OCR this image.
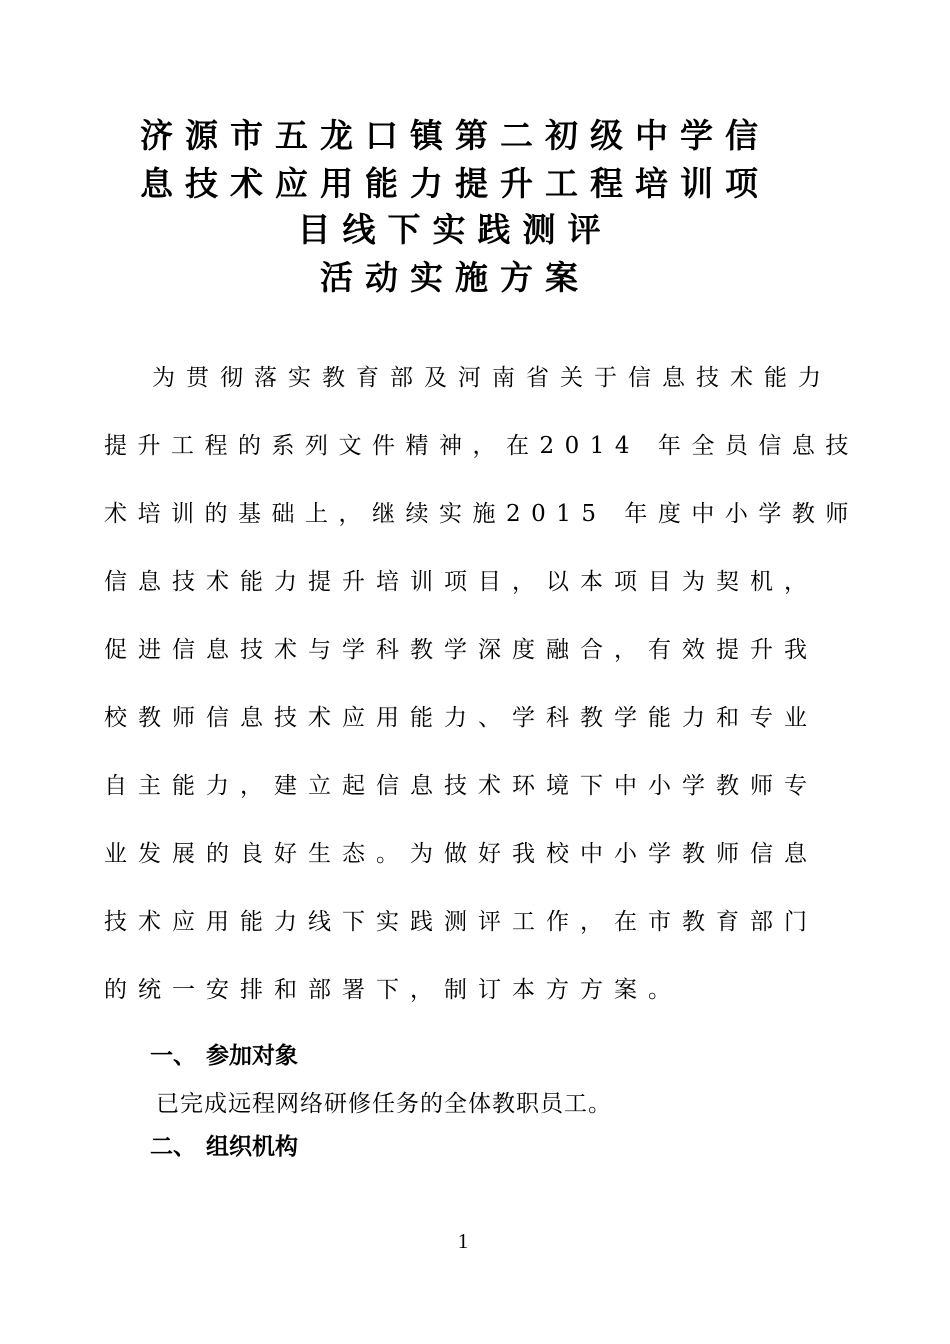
济源市五龙口镇第二初级中学信
息技术应用能力提升工程培训项
目线下实践测评
活动实施方案

为贯彻落实教育部及河南省关于信息技术能力

提升工程的系列文件精神，在2014 年全员信息技

术培训的基础上，继续实施2015 年度中小学教师

信息技术能力提升培训项目，以本项目为契机，

促进信息技术与学科教学深度融合，有效提升我

校教师信息技术应用能力、学科教学能力和专业

自主能力，建立起信息技术环境下中小学教师专

业发展的良好生态。为做好我校中小学教师信息

技术应用能力线下实践测评工作，在市教育部门

的统一安排和部署下，制订本方方案。

一、 参加对象

已完成远程网络研修任务的全体教职员工。

二、 组织机构
1
